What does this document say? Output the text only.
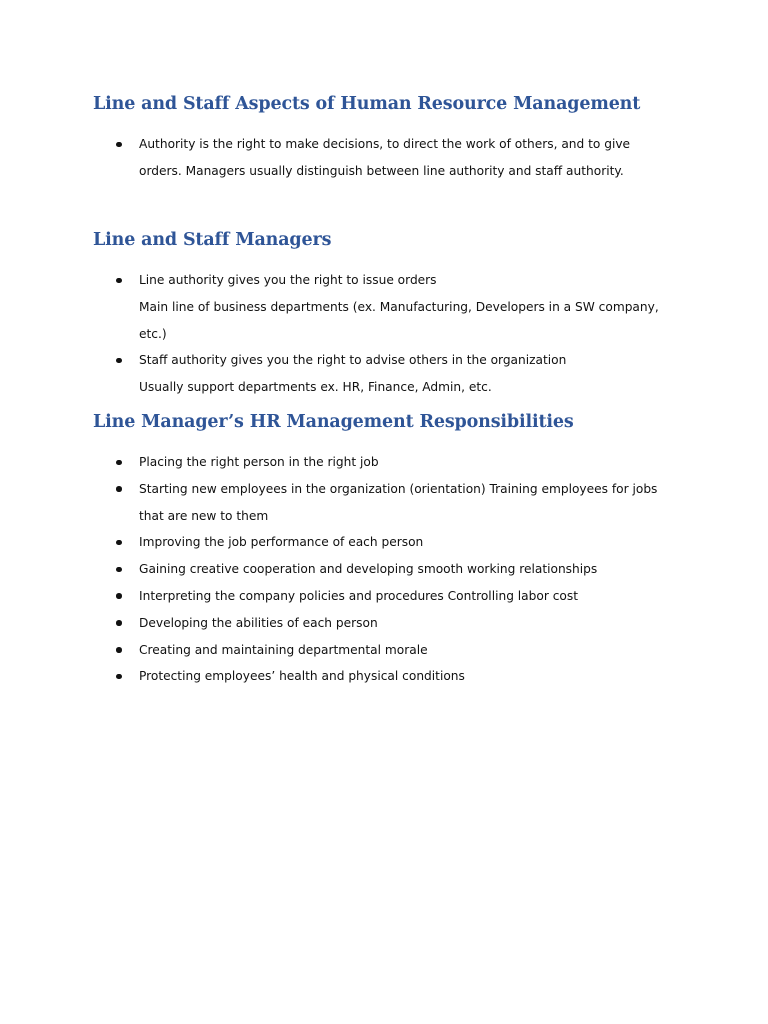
Line and Staff Aspects of Human Resource Management
Authority is the right to make decisions, to direct the work of others, and to give
orders. Managers usually distinguish between line authority and staff authority.
Line and Staff Managers
Line authority gives you the right to issue orders
Main line of business departments (ex. Manufacturing, Developers in a SW company,
etc.)
Staff authority gives you the right to advise others in the organization
Usually support departments ex. HR, Finance, Admin, etc.
Line Manager’s HR Management Responsibilities
Placing the right person in the right job
Starting new employees in the organization (orientation) Training employees for jobs
that are new to them
Improving the job performance of each person
Gaining creative cooperation and developing smooth working relationships
Interpreting the company policies and procedures Controlling labor cost
Developing the abilities of each person
Creating and maintaining departmental morale
Protecting employees’ health and physical conditions
